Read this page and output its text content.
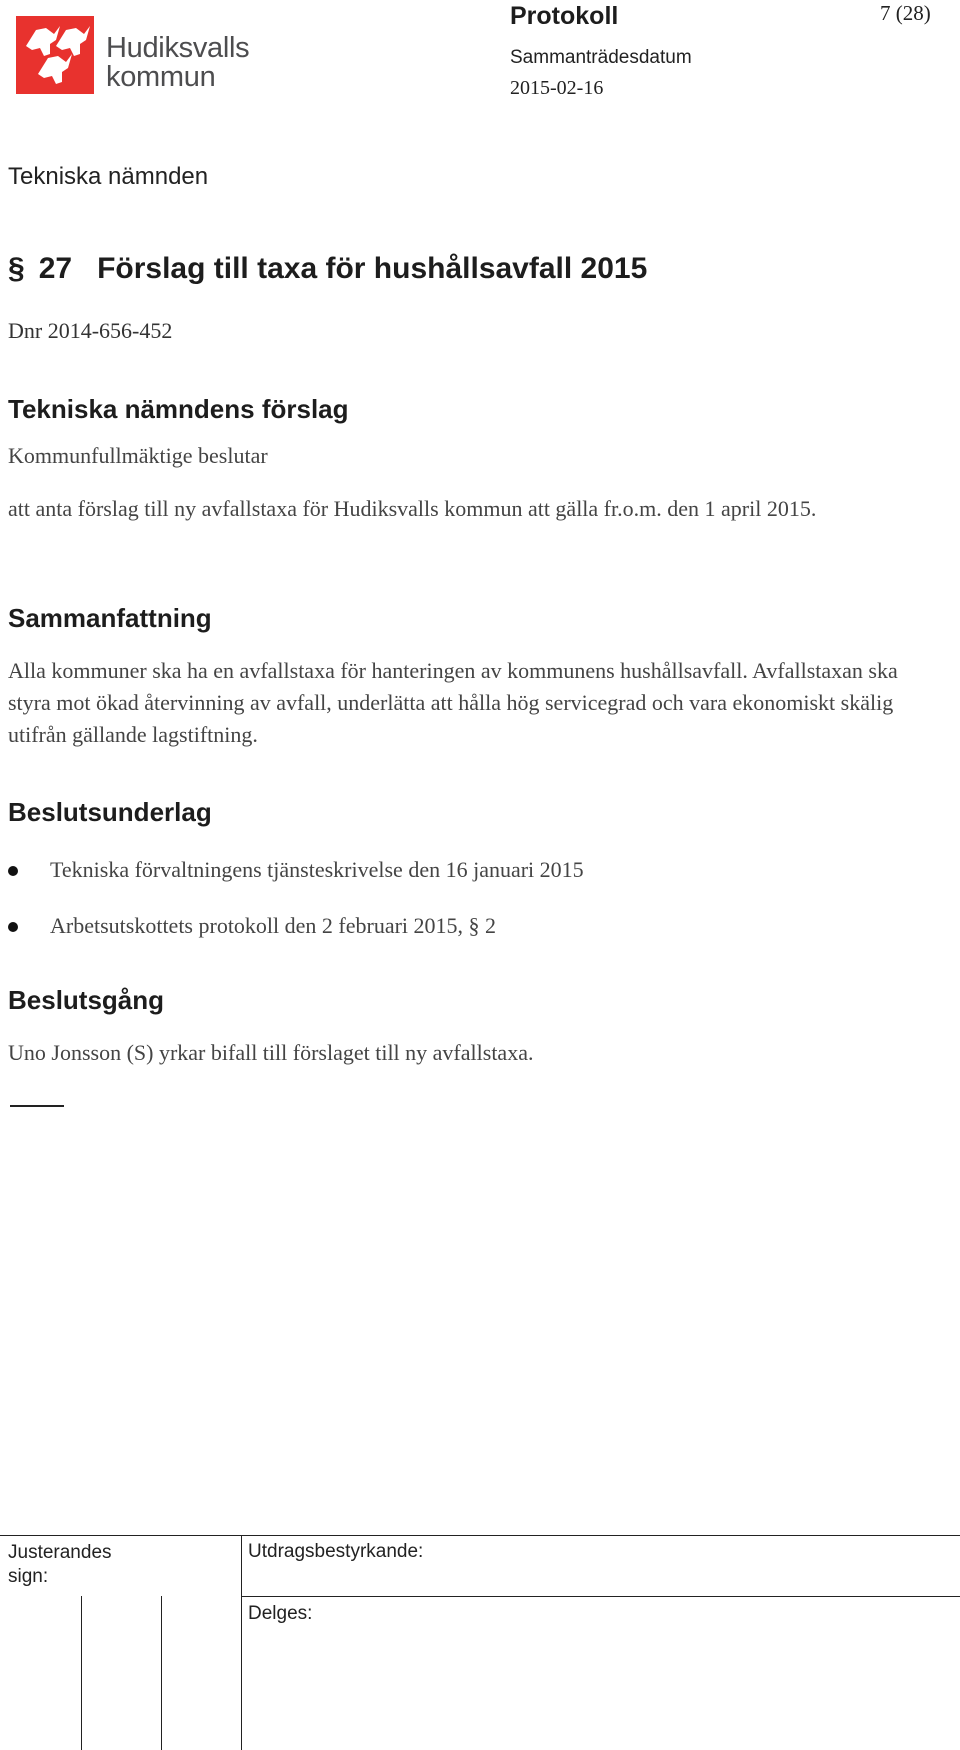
Hudiksvalls
kommun
Protokoll	7 (28)
Sammanträdesdatum
2015-02-16
Tekniska nämnden
§ 27 Förslag till taxa för hushållsavfall 2015
Dnr 2014-656-452
Tekniska nämndens förslag
Kommunfullmäktige beslutar
att anta förslag till ny avfallstaxa för Hudiksvalls kommun att gälla fr.o.m. den 1 april 2015.
Sammanfattning
Alla kommuner ska ha en avfallstaxa för hanteringen av kommunens hushållsavfall. Avfallstaxan ska styra mot ökad återvinning av avfall, underlätta att hålla hög servicegrad och vara ekonomiskt skälig utifrån gällande lagstiftning.
Beslutsunderlag
Tekniska förvaltningens tjänsteskrivelse den 16 januari 2015
Arbetsutskottets protokoll den 2 februari 2015, § 2
Beslutsgång
Uno Jonsson (S) yrkar bifall till förslaget till ny avfallstaxa.
Justerandes sign:
Utdragsbestyrkande:
Delges:
